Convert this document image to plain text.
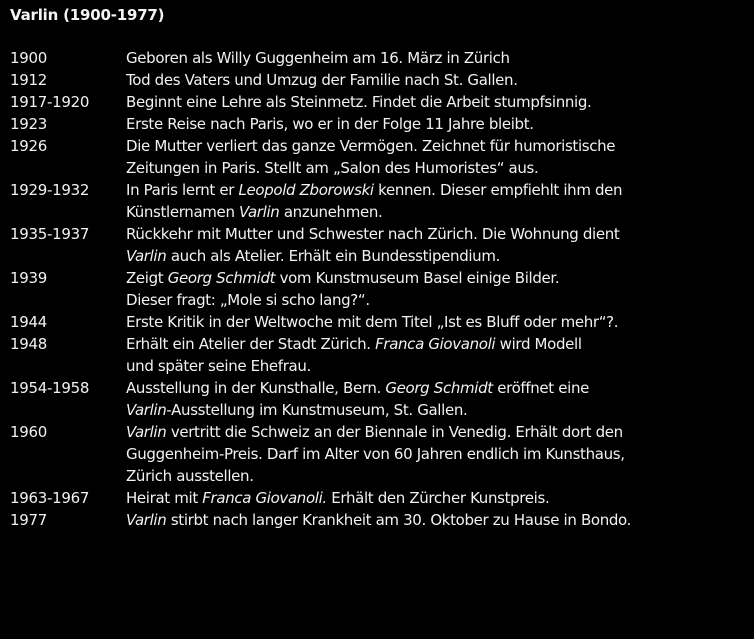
Varlin (1900-1977)
1900	Geboren als Willy Guggenheim am 16. März in Zürich
1912	Tod des Vaters und Umzug der Familie nach St. Gallen.
1917-1920	Beginnt eine Lehre als Steinmetz. Findet die Arbeit stumpfsinnig.
1923	Erste Reise nach Paris, wo er in der Folge 11 Jahre bleibt.
1926	Die Mutter verliert das ganze Vermögen. Zeichnet für humoristische
Zeitungen in Paris. Stellt am „Salon des Humoristes“ aus.
1929-1932	In Paris lernt er Leopold Zborowski kennen. Dieser empfiehlt ihm den
Künstlernamen Varlin anzunehmen.
1935-1937	Rückkehr mit Mutter und Schwester nach Zürich. Die Wohnung dient
Varlin auch als Atelier. Erhält ein Bundesstipendium.
1939	Zeigt Georg Schmidt vom Kunstmuseum Basel einige Bilder.
Dieser fragt: „Mole si scho lang?“.
1944	Erste Kritik in der Weltwoche mit dem Titel „Ist es Bluff oder mehr“?.
1948	Erhält ein Atelier der Stadt Zürich. Franca Giovanoli wird Modell
und später seine Ehefrau.
1954-1958	Ausstellung in der Kunsthalle, Bern. Georg Schmidt eröffnet eine
Varlin-Ausstellung im Kunstmuseum, St. Gallen.
1960	Varlin vertritt die Schweiz an der Biennale in Venedig. Erhält dort den
Guggenheim-Preis. Darf im Alter von 60 Jahren endlich im Kunsthaus,
Zürich ausstellen.
1963-1967	Heirat mit Franca Giovanoli. Erhält den Zürcher Kunstpreis.
1977	Varlin stirbt nach langer Krankheit am 30. Oktober zu Hause in Bondo.
